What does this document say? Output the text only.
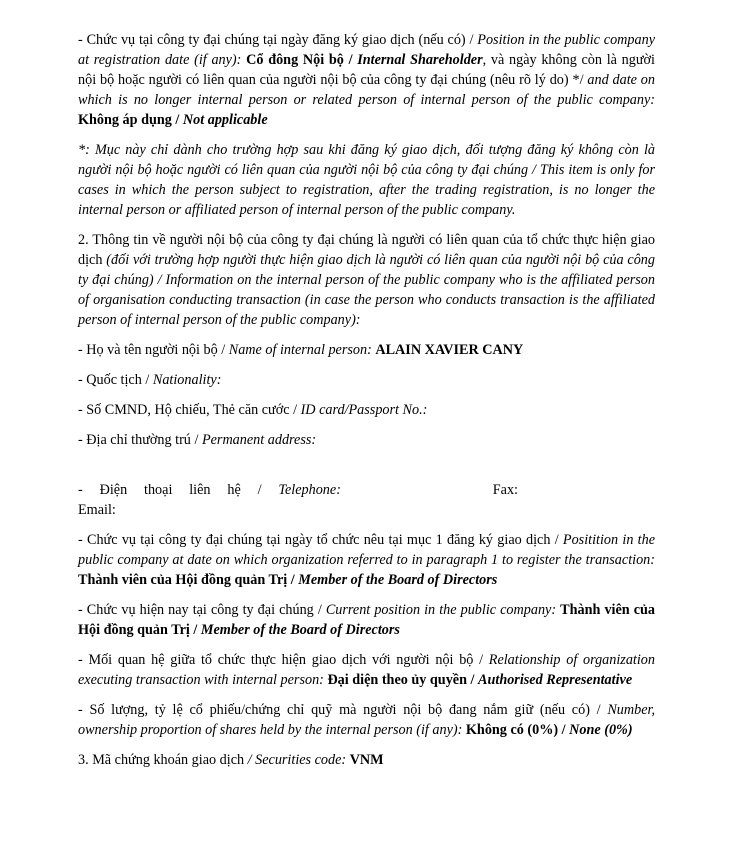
- Chức vụ tại công ty đại chúng tại ngày đăng ký giao dịch (nếu có) / Position in the public company at registration date (if any): Cổ đông Nội bộ / Internal Shareholder, và ngày không còn là người nội bộ hoặc người có liên quan của người nội bộ của công ty đại chúng (nêu rõ lý do) */ and date on which is no longer internal person or related person of internal person of the public company: Không áp dụng / Not applicable

*: Mục này chỉ dành cho trường hợp sau khi đăng ký giao dịch, đối tượng đăng ký không còn là người nội bộ hoặc người có liên quan của người nội bộ của công ty đại chúng / This item is only for cases in which the person subject to registration, after the trading registration, is no longer the internal person or affiliated person of internal person of the public company.

2. Thông tin về người nội bộ của công ty đại chúng là người có liên quan của tổ chức thực hiện giao dịch (đối với trường hợp người thực hiện giao dịch là người có liên quan của người nội bộ của công ty đại chúng) / Information on the internal person of the public company who is the affiliated person of organisation conducting transaction (in case the person who conducts transaction is the affiliated person of internal person of the public company):

- Họ và tên người nội bộ / Name of internal person: ALAIN XAVIER CANY

- Quốc tịch / Nationality:

- Số CMND, Hộ chiếu, Thẻ căn cước / ID card/Passport No.:

- Địa chỉ thường trú / Permanent address:

- Điện thoại liên hệ / Telephone:	Fax:
Email:

- Chức vụ tại công ty đại chúng tại ngày tổ chức nêu tại mục 1 đăng ký giao dịch / Positition in the public company at date on which organization referred to in paragraph 1 to register the transaction: Thành viên của Hội đồng quản Trị / Member of the Board of Directors

- Chức vụ hiện nay tại công ty đại chúng / Current position in the public company: Thành viên của Hội đồng quản Trị / Member of the Board of Directors

- Mối quan hệ giữa tổ chức thực hiện giao dịch với người nội bộ / Relationship of organization executing transaction with internal person: Đại diện theo ủy quyền / Authorised Representative

- Số lượng, tỷ lệ cổ phiếu/chứng chỉ quỹ mà người nội bộ đang nắm giữ (nếu có) / Number, ownership proportion of shares held by the internal person (if any): Không có (0%) / None (0%)

3. Mã chứng khoán giao dịch / Securities code: VNM
